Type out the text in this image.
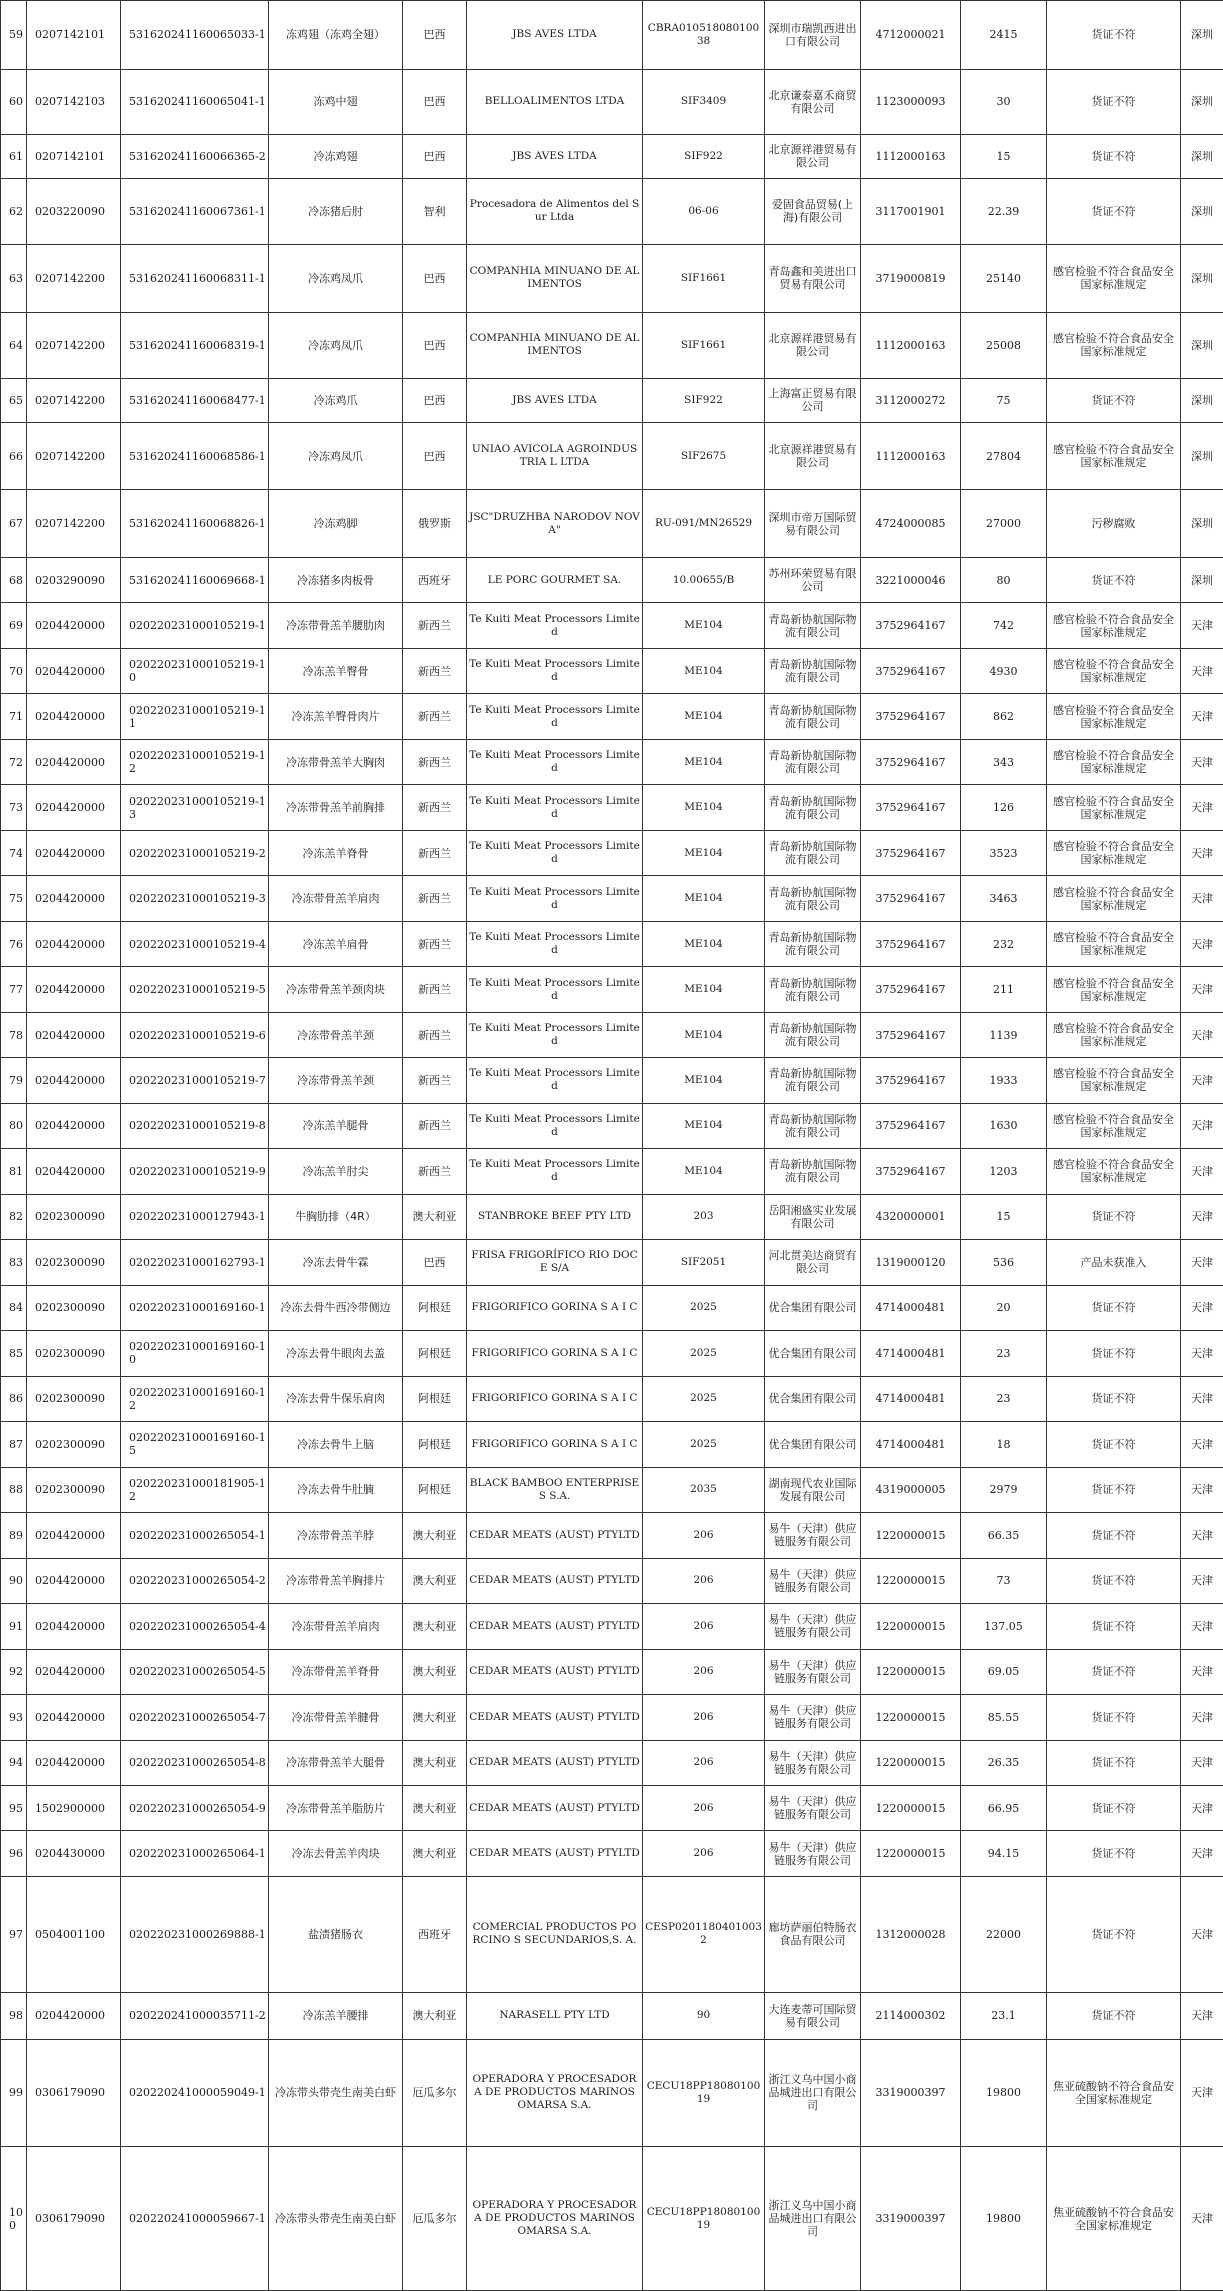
59	0207142101	531620241160065033-1	冻鸡翅（冻鸡全翅）	巴西	JBS AVES LTDA	CBRA01051808010038	深圳市瑞凯西进出口有限公司	4712000021	2415	货证不符	深圳
60	0207142103	531620241160065041-1	冻鸡中翅	巴西	BELLOALIMENTOS LTDA	SIF3409	北京谦泰嘉禾商贸有限公司	1123000093	30	货证不符	深圳
61	0207142101	531620241160066365-2	冷冻鸡翅	巴西	JBS AVES LTDA	SIF922	北京源祥港贸易有限公司	1112000163	15	货证不符	深圳
62	0203220090	531620241160067361-1	冷冻猪后肘	智利	Procesadora de Alimentos del Sur Ltda	06-06	爱固食品贸易(上海)有限公司	3117001901	22.39	货证不符	深圳
63	0207142200	531620241160068311-1	冷冻鸡凤爪	巴西	COMPANHIA MINUANO DE AL IMENTOS	SIF1661	青岛鑫和美进出口贸易有限公司	3719000819	25140	感官检验不符合食品安全国家标准规定	深圳
64	0207142200	531620241160068319-1	冷冻鸡凤爪	巴西	COMPANHIA MINUANO DE AL IMENTOS	SIF1661	北京源祥港贸易有限公司	1112000163	25008	感官检验不符合食品安全国家标准规定	深圳
65	0207142200	531620241160068477-1	冷冻鸡爪	巴西	JBS AVES LTDA	SIF922	上海富正贸易有限公司	3112000272	75	货证不符	深圳
66	0207142200	531620241160068586-1	冷冻鸡凤爪	巴西	UNIAO AVICOLA AGROINDUSTRIA L LTDA	SIF2675	北京源祥港贸易有限公司	1112000163	27804	感官检验不符合食品安全国家标准规定	深圳
67	0207142200	531620241160068826-1	冷冻鸡脚	俄罗斯	JSC"DRUZHBA NARODOV NOVA"	RU-091/MN26529	深圳市帝万国际贸易有限公司	4724000085	27000	污秽腐败	深圳
68	0203290090	531620241160069668-1	冷冻猪多肉板骨	西班牙	LE PORC GOURMET SA.	10.00655/B	苏州环荣贸易有限公司	3221000046	80	货证不符	深圳
69	0204420000	020220231000105219-1	冷冻带骨羔羊腰肋肉	新西兰	Te Kuiti Meat Processors Limited	ME104	青岛新协航国际物流有限公司	3752964167	742	感官检验不符合食品安全国家标准规定	天津
70	0204420000	020220231000105219-10	冷冻羔羊臀骨	新西兰	Te Kuiti Meat Processors Limited	ME104	青岛新协航国际物流有限公司	3752964167	4930	感官检验不符合食品安全国家标准规定	天津
71	0204420000	020220231000105219-11	冷冻羔羊臀骨肉片	新西兰	Te Kuiti Meat Processors Limited	ME104	青岛新协航国际物流有限公司	3752964167	862	感官检验不符合食品安全国家标准规定	天津
72	0204420000	020220231000105219-12	冷冻带骨羔羊大胸肉	新西兰	Te Kuiti Meat Processors Limited	ME104	青岛新协航国际物流有限公司	3752964167	343	感官检验不符合食品安全国家标准规定	天津
73	0204420000	020220231000105219-13	冷冻带骨羔羊前胸排	新西兰	Te Kuiti Meat Processors Limited	ME104	青岛新协航国际物流有限公司	3752964167	126	感官检验不符合食品安全国家标准规定	天津
74	0204420000	020220231000105219-2	冷冻羔羊脊骨	新西兰	Te Kuiti Meat Processors Limited	ME104	青岛新协航国际物流有限公司	3752964167	3523	感官检验不符合食品安全国家标准规定	天津
75	0204420000	020220231000105219-3	冷冻带骨羔羊肩肉	新西兰	Te Kuiti Meat Processors Limited	ME104	青岛新协航国际物流有限公司	3752964167	3463	感官检验不符合食品安全国家标准规定	天津
76	0204420000	020220231000105219-4	冷冻羔羊肩骨	新西兰	Te Kuiti Meat Processors Limited	ME104	青岛新协航国际物流有限公司	3752964167	232	感官检验不符合食品安全国家标准规定	天津
77	0204420000	020220231000105219-5	冷冻带骨羔羊颈肉块	新西兰	Te Kuiti Meat Processors Limited	ME104	青岛新协航国际物流有限公司	3752964167	211	感官检验不符合食品安全国家标准规定	天津
78	0204420000	020220231000105219-6	冷冻带骨羔羊颈	新西兰	Te Kuiti Meat Processors Limited	ME104	青岛新协航国际物流有限公司	3752964167	1139	感官检验不符合食品安全国家标准规定	天津
79	0204420000	020220231000105219-7	冷冻带骨羔羊颈	新西兰	Te Kuiti Meat Processors Limited	ME104	青岛新协航国际物流有限公司	3752964167	1933	感官检验不符合食品安全国家标准规定	天津
80	0204420000	020220231000105219-8	冷冻羔羊腿骨	新西兰	Te Kuiti Meat Processors Limited	ME104	青岛新协航国际物流有限公司	3752964167	1630	感官检验不符合食品安全国家标准规定	天津
81	0204420000	020220231000105219-9	冷冻羔羊肘尖	新西兰	Te Kuiti Meat Processors Limited	ME104	青岛新协航国际物流有限公司	3752964167	1203	感官检验不符合食品安全国家标准规定	天津
82	0202300090	020220231000127943-1	牛胸肋排（4R）	澳大利亚	STANBROKE BEEF PTY LTD	203	岳阳湘盛实业发展有限公司	4320000001	15	货证不符	天津
83	0202300090	020220231000162793-1	冷冻去骨牛霖	巴西	FRISA FRIGORÍFICO RIO DOCE S/A	SIF2051	河北贯美达商贸有限公司	1319000120	536	产品未获准入	天津
84	0202300090	020220231000169160-1	冷冻去骨牛西冷带侧边	阿根廷	FRIGORIFICO GORINA S A I C	2025	优合集团有限公司	4714000481	20	货证不符	天津
85	0202300090	020220231000169160-10	冷冻去骨牛眼肉去盖	阿根廷	FRIGORIFICO GORINA S A I C	2025	优合集团有限公司	4714000481	23	货证不符	天津
86	0202300090	020220231000169160-12	冷冻去骨牛保乐肩肉	阿根廷	FRIGORIFICO GORINA S A I C	2025	优合集团有限公司	4714000481	23	货证不符	天津
87	0202300090	020220231000169160-15	冷冻去骨牛上脑	阿根廷	FRIGORIFICO GORINA S A I C	2025	优合集团有限公司	4714000481	18	货证不符	天津
88	0202300090	020220231000181905-12	冷冻去骨牛肚腩	阿根廷	BLACK BAMBOO ENTERPRISES S.A.	2035	湖南现代农业国际发展有限公司	4319000005	2979	货证不符	天津
89	0204420000	020220231000265054-1	冷冻带骨羔羊脖	澳大利亚	CEDAR MEATS (AUST) PTYLTD	206	易牛（天津）供应链服务有限公司	1220000015	66.35	货证不符	天津
90	0204420000	020220231000265054-2	冷冻带骨羔羊胸排片	澳大利亚	CEDAR MEATS (AUST) PTYLTD	206	易牛（天津）供应链服务有限公司	1220000015	73	货证不符	天津
91	0204420000	020220231000265054-4	冷冻带骨羔羊肩肉	澳大利亚	CEDAR MEATS (AUST) PTYLTD	206	易牛（天津）供应链服务有限公司	1220000015	137.05	货证不符	天津
92	0204420000	020220231000265054-5	冷冻带骨羔羊脊骨	澳大利亚	CEDAR MEATS (AUST) PTYLTD	206	易牛（天津）供应链服务有限公司	1220000015	69.05	货证不符	天津
93	0204420000	020220231000265054-7	冷冻带骨羔羊腱骨	澳大利亚	CEDAR MEATS (AUST) PTYLTD	206	易牛（天津）供应链服务有限公司	1220000015	85.55	货证不符	天津
94	0204420000	020220231000265054-8	冷冻带骨羔羊大腿骨	澳大利亚	CEDAR MEATS (AUST) PTYLTD	206	易牛（天津）供应链服务有限公司	1220000015	26.35	货证不符	天津
95	1502900000	020220231000265054-9	冷冻带骨羔羊脂肪片	澳大利亚	CEDAR MEATS (AUST) PTYLTD	206	易牛（天津）供应链服务有限公司	1220000015	66.95	货证不符	天津
96	0204430000	020220231000265064-1	冷冻去骨羔羊肉块	澳大利亚	CEDAR MEATS (AUST) PTYLTD	206	易牛（天津）供应链服务有限公司	1220000015	94.15	货证不符	天津
97	0504001100	020220231000269888-1	盐渍猪肠衣	西班牙	COMERCIAL PRODUCTOS PORCINO S SECUNDARIOS,S. A.	CESP02011804010032	廊坊萨丽伯特肠衣食品有限公司	1312000028	22000	货证不符	天津
98	0204420000	020220241000035711-2	冷冻羔羊腰排	澳大利亚	NARASELL PTY LTD	90	大连麦蒂可国际贸易有限公司	2114000302	23.1	货证不符	天津
99	0306179090	020220241000059049-1	冷冻带头带壳生南美白虾	厄瓜多尔	OPERADORA Y PROCESADORA DE PRODUCTOS MARINOS OMARSA S.A.	CECU18PP1808010019	浙江义乌中国小商品城进出口有限公司	3319000397	19800	焦亚硫酸钠不符合食品安全国家标准规定	天津
100	0306179090	020220241000059667-1	冷冻带头带壳生南美白虾	厄瓜多尔	OPERADORA Y PROCESADORA DE PRODUCTOS MARINOS OMARSA S.A.	CECU18PP1808010019	浙江义乌中国小商品城进出口有限公司	3319000397	19800	焦亚硫酸钠不符合食品安全国家标准规定	天津
